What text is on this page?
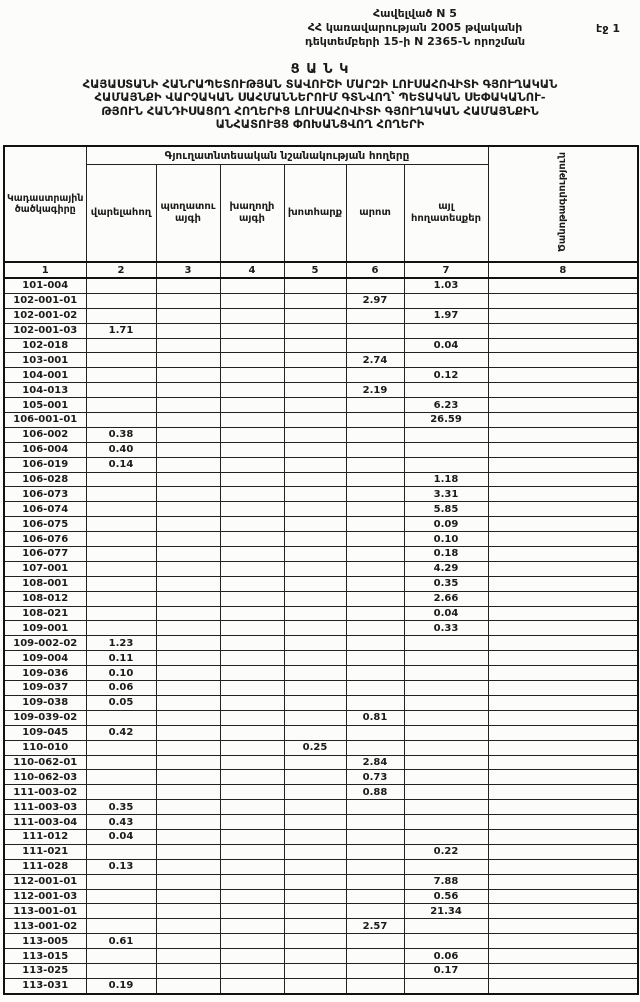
Հավելված N 5
ՀՀ կառավարության 2005 թվականի
դեկտեմբերի 15-ի N 2365-Ն որոշման
էջ 1
Ց Ա Ն Կ
ՀԱՅԱՍՏԱՆԻ ՀԱՆՐԱՊԵՏՈՒԹՅԱՆ ՏԱՎՈՒՇԻ ՄԱՐԶԻ ԼՈՒՍԱՀՈՎԻՏԻ ԳՅՈՒՂԱԿԱՆ
ՀԱՄԱՅՆՔԻ ՎԱՐՉԱԿԱՆ ՍԱՀՄԱՆՆԵՐՈՒՄ ԳՏՆՎՈՂ՝ ՊԵՏԱԿԱՆ ՍԵՓԱԿԱՆՈՒ-
ԹՅՈՒՆ ՀԱՆԴԻՍԱՑՈՂ ՀՈՂԵՐԻՑ ԼՈՒՍԱՀՈՎԻՏԻ ԳՅՈՒՂԱԿԱՆ ՀԱՄԱՅՆՔԻՆ
ԱՆՀԱՏՈՒՅՑ ՓՈԽԱՆՑՎՈՂ ՀՈՂԵՐԻ
Կադաստրային ծածկագիրը	Գյուղատնտեսական նշանակության հողերը						Ծանոթագրություն
	վարելահող	պտղատու այգի	խաղողի այգի	խոտհարք	արոտ	այլ հողատեսքեր	
1	2	3	4	5	6	7	8
101-004						1.03	
102-001-01					2.97		
102-001-02						1.97	
102-001-03	1.71						
102-018						0.04	
103-001					2.74		
104-001						0.12	
104-013					2.19		
105-001						6.23	
106-001-01						26.59	
106-002	0.38						
106-004	0.40						
106-019	0.14						
106-028						1.18	
106-073						3.31	
106-074						5.85	
106-075						0.09	
106-076						0.10	
106-077						0.18	
107-001						4.29	
108-001						0.35	
108-012						2.66	
108-021						0.04	
109-001						0.33	
109-002-02	1.23						
109-004	0.11						
109-036	0.10						
109-037	0.06						
109-038	0.05						
109-039-02					0.81		
109-045	0.42						
110-010				0.25			
110-062-01					2.84		
110-062-03					0.73		
111-003-02					0.88		
111-003-03	0.35						
111-003-04	0.43						
111-012	0.04						
111-021						0.22	
111-028	0.13						
112-001-01						7.88	
112-001-03						0.56	
113-001-01						21.34	
113-001-02					2.57		
113-005	0.61						
113-015						0.06	
113-025						0.17	
113-031	0.19						
